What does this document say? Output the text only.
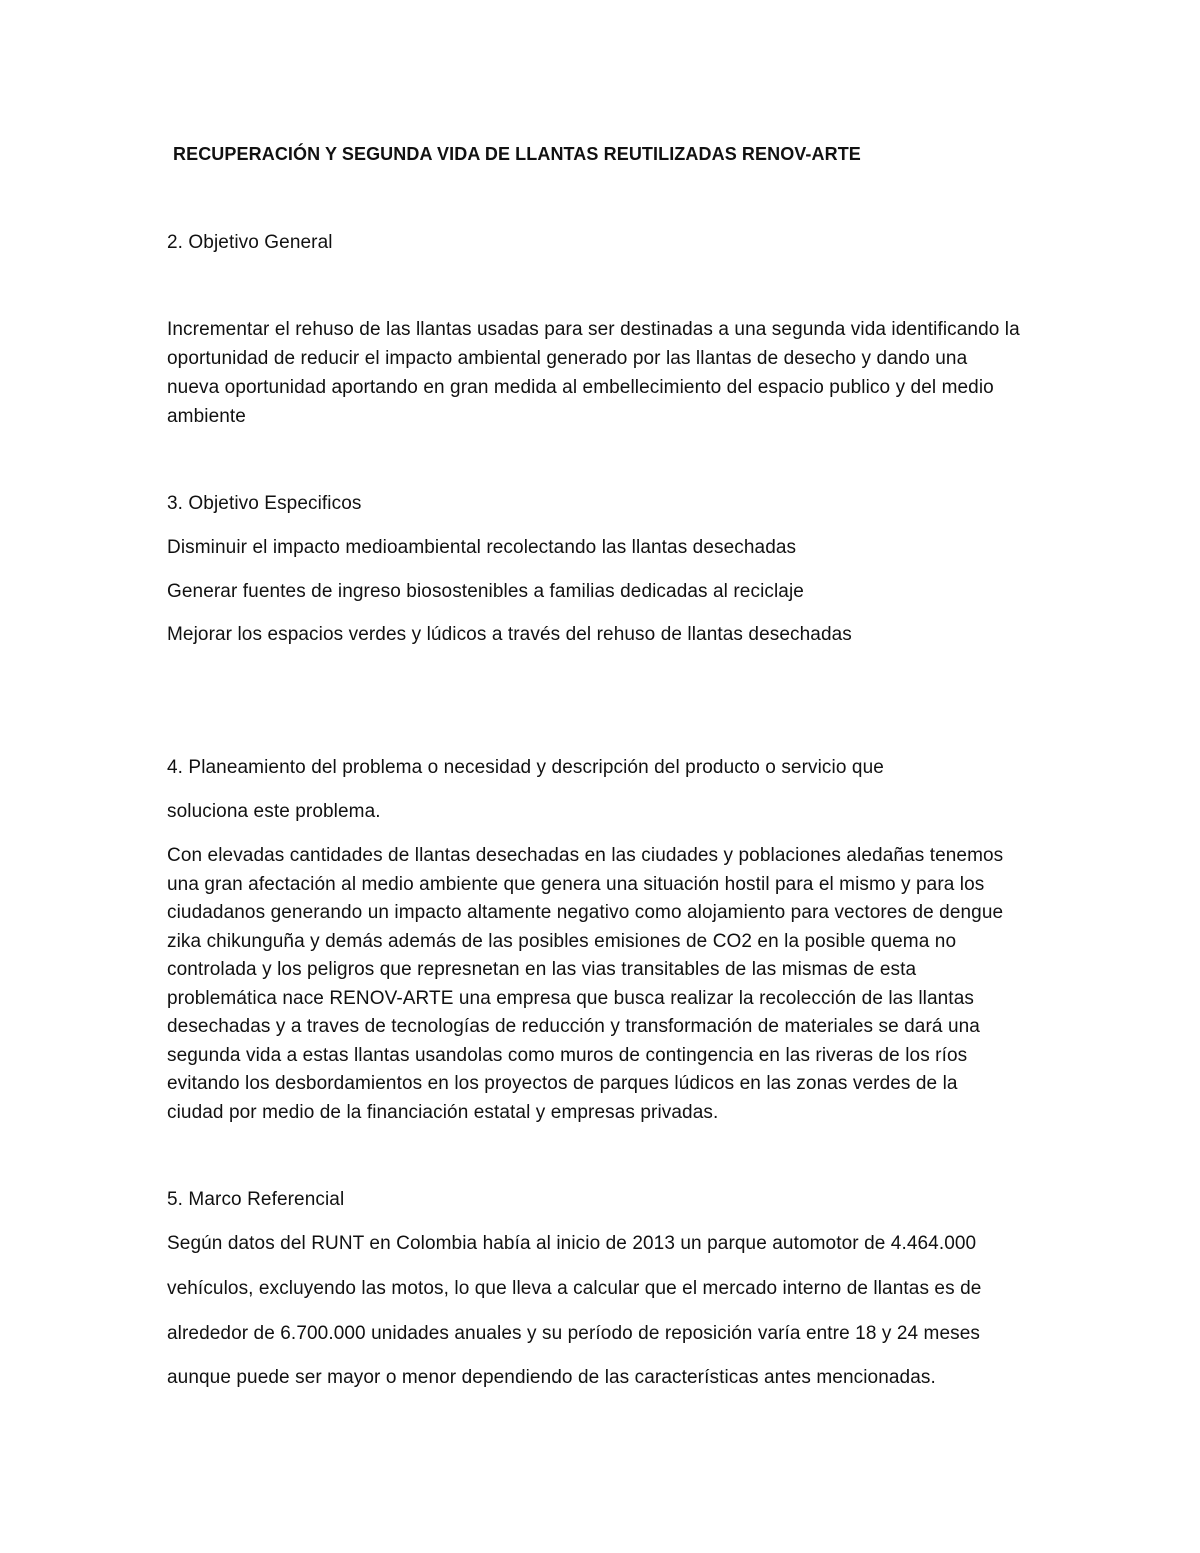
RECUPERACIÓN Y SEGUNDA VIDA DE LLANTAS REUTILIZADAS RENOV-ARTE

2. Objetivo General

Incrementar el rehuso de las llantas usadas para ser destinadas a una segunda vida identificando la

oportunidad de reducir el impacto ambiental generado por las llantas de desecho y dando una

nueva oportunidad aportando en gran medida al embellecimiento del espacio publico y del medio

ambiente

3. Objetivo Especificos

Disminuir el impacto medioambiental recolectando las llantas desechadas

Generar fuentes de ingreso biosostenibles a familias dedicadas al reciclaje

Mejorar los espacios verdes y lúdicos a través del rehuso de llantas desechadas

4. Planeamiento del problema o necesidad y descripción del producto o servicio que

soluciona este problema.

Con elevadas cantidades de llantas desechadas en las ciudades y poblaciones aledañas tenemos

una gran afectación al medio ambiente que genera una situación hostil para el mismo y para los

ciudadanos generando un impacto altamente negativo como alojamiento para vectores de dengue

zika chikunguña y demás además de las posibles emisiones de CO2 en la posible quema no

controlada y los peligros que represnetan en las vias transitables de las mismas de esta

problemática nace RENOV-ARTE una empresa que busca realizar la recolección de las llantas

desechadas y a traves de tecnologías de reducción y transformación de materiales se dará una

segunda vida a estas llantas usandolas como muros de contingencia en las riveras de los ríos

evitando los desbordamientos en los proyectos de parques lúdicos en las zonas verdes de la

ciudad por medio de la financiación estatal y empresas privadas.

5. Marco Referencial

Según datos del RUNT en Colombia había al inicio de 2013 un parque automotor de 4.464.000

vehículos, excluyendo las motos, lo que lleva a calcular que el mercado interno de llantas es de

alrededor de 6.700.000 unidades anuales y su período de reposición varía entre 18 y 24 meses

aunque puede ser mayor o menor dependiendo de las características antes mencionadas.
